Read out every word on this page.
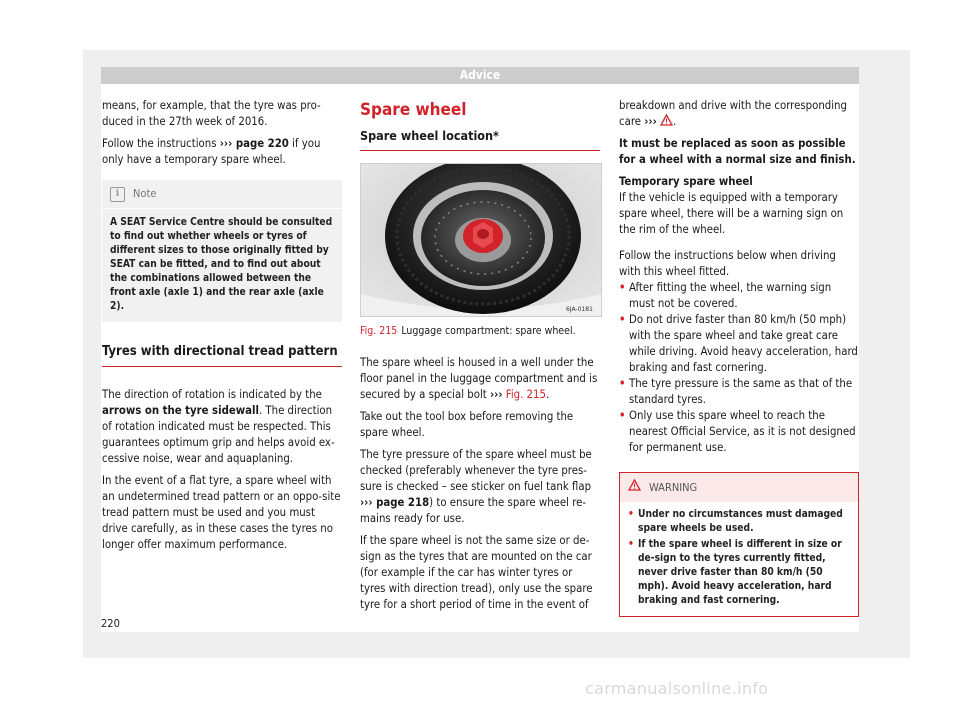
Advice

means, for example, that the tyre was pro-duced in the 27th week of 2016.

Follow the instructions ››› page 220 if you only have a temporary spare wheel.

i	Note
A SEAT Service Centre should be consulted to find out whether wheels or tyres of different sizes to those originally fitted by SEAT can be fitted, and to find out about the combinations allowed between the front axle (axle 1) and the rear axle (axle 2).
Tyres with directional tread pattern

The direction of rotation is indicated by the arrows on the tyre sidewall. The direction of rotation indicated must be respected. This guarantees optimum grip and helps avoid ex-cessive noise, wear and aquaplaning.

In the event of a flat tyre, a spare wheel with an undetermined tread pattern or an oppo-site tread pattern must be used and you must drive carefully, as in these cases the tyres no longer offer maximum performance.

Spare wheel
Spare wheel location*
6JA-0181
Fig. 215 Luggage compartment: spare wheel.

The spare wheel is housed in a well under the floor panel in the luggage compartment and is secured by a special bolt ››› Fig. 215.

Take out the tool box before removing the spare wheel.

The tyre pressure of the spare wheel must be checked (preferably whenever the tyre pres-sure is checked – see sticker on fuel tank flap ››› page 218) to ensure the spare wheel re-mains ready for use.

If the spare wheel is not the same size or de-sign as the tyres that are mounted on the car (for example if the car has winter tyres or tyres with direction tread), only use the spare tyre for a short period of time in the event of

breakdown and drive with the corresponding care ››› .

It must be replaced as soon as possible for a wheel with a normal size and finish.

Temporary spare wheel

If the vehicle is equipped with a temporary spare wheel, there will be a warning sign on the rim of the wheel.

Follow the instructions below when driving with this wheel fitted.

• After fitting the wheel, the warning sign must not be covered.
• Do not drive faster than 80 km/h (50 mph) with the spare wheel and take great care while driving. Avoid heavy acceleration, hard braking and fast cornering.
• The tyre pressure is the same as that of the standard tyres.
• Only use this spare wheel to reach the nearest Official Service, as it is not designed for permanent use.
WARNING
• Under no circumstances must damaged spare wheels be used.
• If the spare wheel is different in size or de-sign to the tyres currently fitted, never drive faster than 80 km/h (50 mph). Avoid heavy acceleration, hard braking and fast cornering.
220
carmanualsonline.info
